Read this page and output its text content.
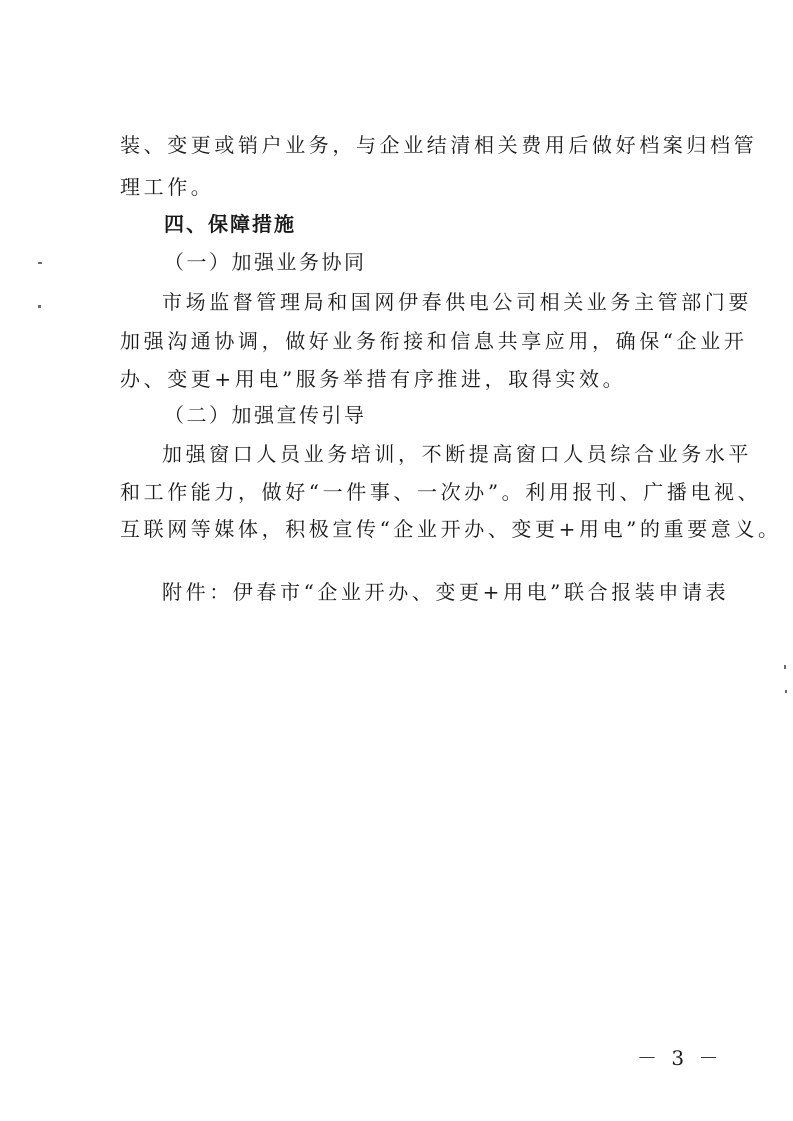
装、变更或销户业务，与企业结清相关费用后做好档案归档管
理工作。
四、保障措施
（一）加强业务协同
市场监督管理局和国网伊春供电公司相关业务主管部门要
加强沟通协调，做好业务衔接和信息共享应用，确保“企业开
办、变更+用电”服务举措有序推进，取得实效。
（二）加强宣传引导
加强窗口人员业务培训，不断提高窗口人员综合业务水平
和工作能力，做好“一件事、一次办”。利用报刊、广播电视、
互联网等媒体，积极宣传“企业开办、变更+用电”的重要意义。
附件：伊春市“企业开办、变更+用电”联合报装申请表
－ 3 －
